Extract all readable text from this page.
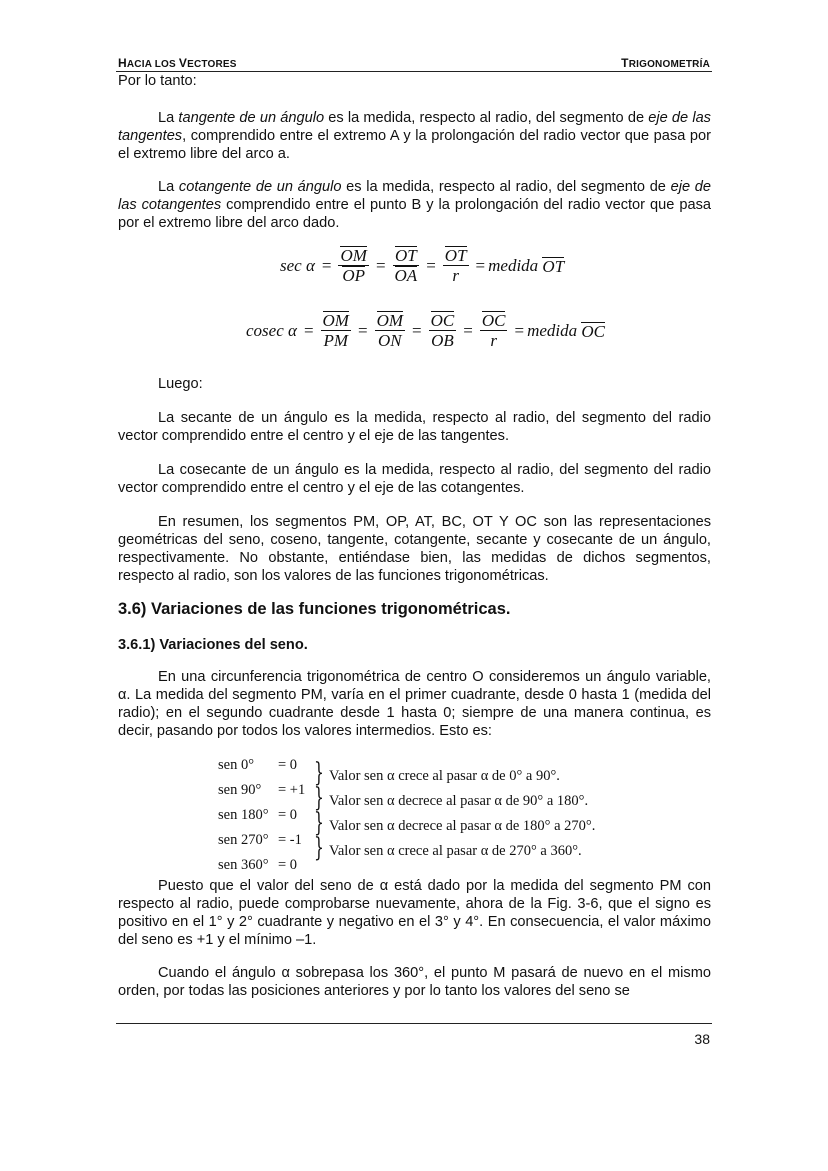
HACIA LOS VECTORES	TRIGONOMETRÍA

Por lo tanto:

La tangente de un ángulo es la medida, respecto al radio, del segmento de eje de las tangentes, comprendido entre el extremo A y la prolongación del radio vector que pasa por el extremo libre del arco a.

La cotangente de un ángulo es la medida, respecto al radio, del segmento de eje de las cotangentes comprendido entre el punto B y la prolongación del radio vector que pasa por el extremo libre del arco dado.

$\sec \alpha = \frac{OM}{OP} = \frac{OT}{OA} = \frac{OT}{r}$ = medida
OT
cosec $\alpha = \frac{OM}{PM} = \frac{OM}{ON} = \frac{OC}{OB} = \frac{OC}{r}$ = medida
OC

Luego:

La secante de un ángulo es la medida, respecto al radio, del segmento del radio vector comprendido entre el centro y el eje de las tangentes.

La cosecante de un ángulo es la medida, respecto al radio, del segmento del radio vector comprendido entre el centro y el eje de las cotangentes.

En resumen, los segmentos PM, OP, AT, BC, OT Y OC son las representaciones geométricas del seno, coseno, tangente, cotangente, secante y cosecante de un ángulo, respectivamente. No obstante, entiéndase bien, las medidas de dichos segmentos, respecto al radio, son los valores de las funciones trigonométricas.

3.6) Variaciones de las funciones trigonométricas.
3.6.1) Variaciones del seno.

En una circunferencia trigonométrica de centro O consideremos un ángulo variable, α. La medida del segmento PM, varía en el primer cuadrante, desde 0 hasta 1 (medida del radio); en el segundo cuadrante desde 1 hasta 0; siempre de una manera continua, es decir, pasando por todos los valores intermedios. Esto es:

sen 0° = 0
sen 90° = +1
sen 180° = 0
sen 270° = -1
sen 360° = 0
}
}
}
}
Valor sen α crece al pasar α de 0° a 90°.
Valor sen α decrece al pasar α de 90° a 180°.
Valor sen α decrece al pasar α de 180° a 270°.
Valor sen α crece al pasar α de 270° a 360°.

Puesto que el valor del seno de α está dado por la medida del segmento PM con respecto al radio, puede comprobarse nuevamente, ahora de la Fig. 3-6, que el signo es positivo en el 1° y 2° cuadrante y negativo en el 3° y 4°. En consecuencia, el valor máximo del seno es +1 y el mínimo –1.

Cuando el ángulo α sobrepasa los 360°, el punto M pasará de nuevo en el mismo orden, por todas las posiciones anteriores y por lo tanto los valores del seno se

38
